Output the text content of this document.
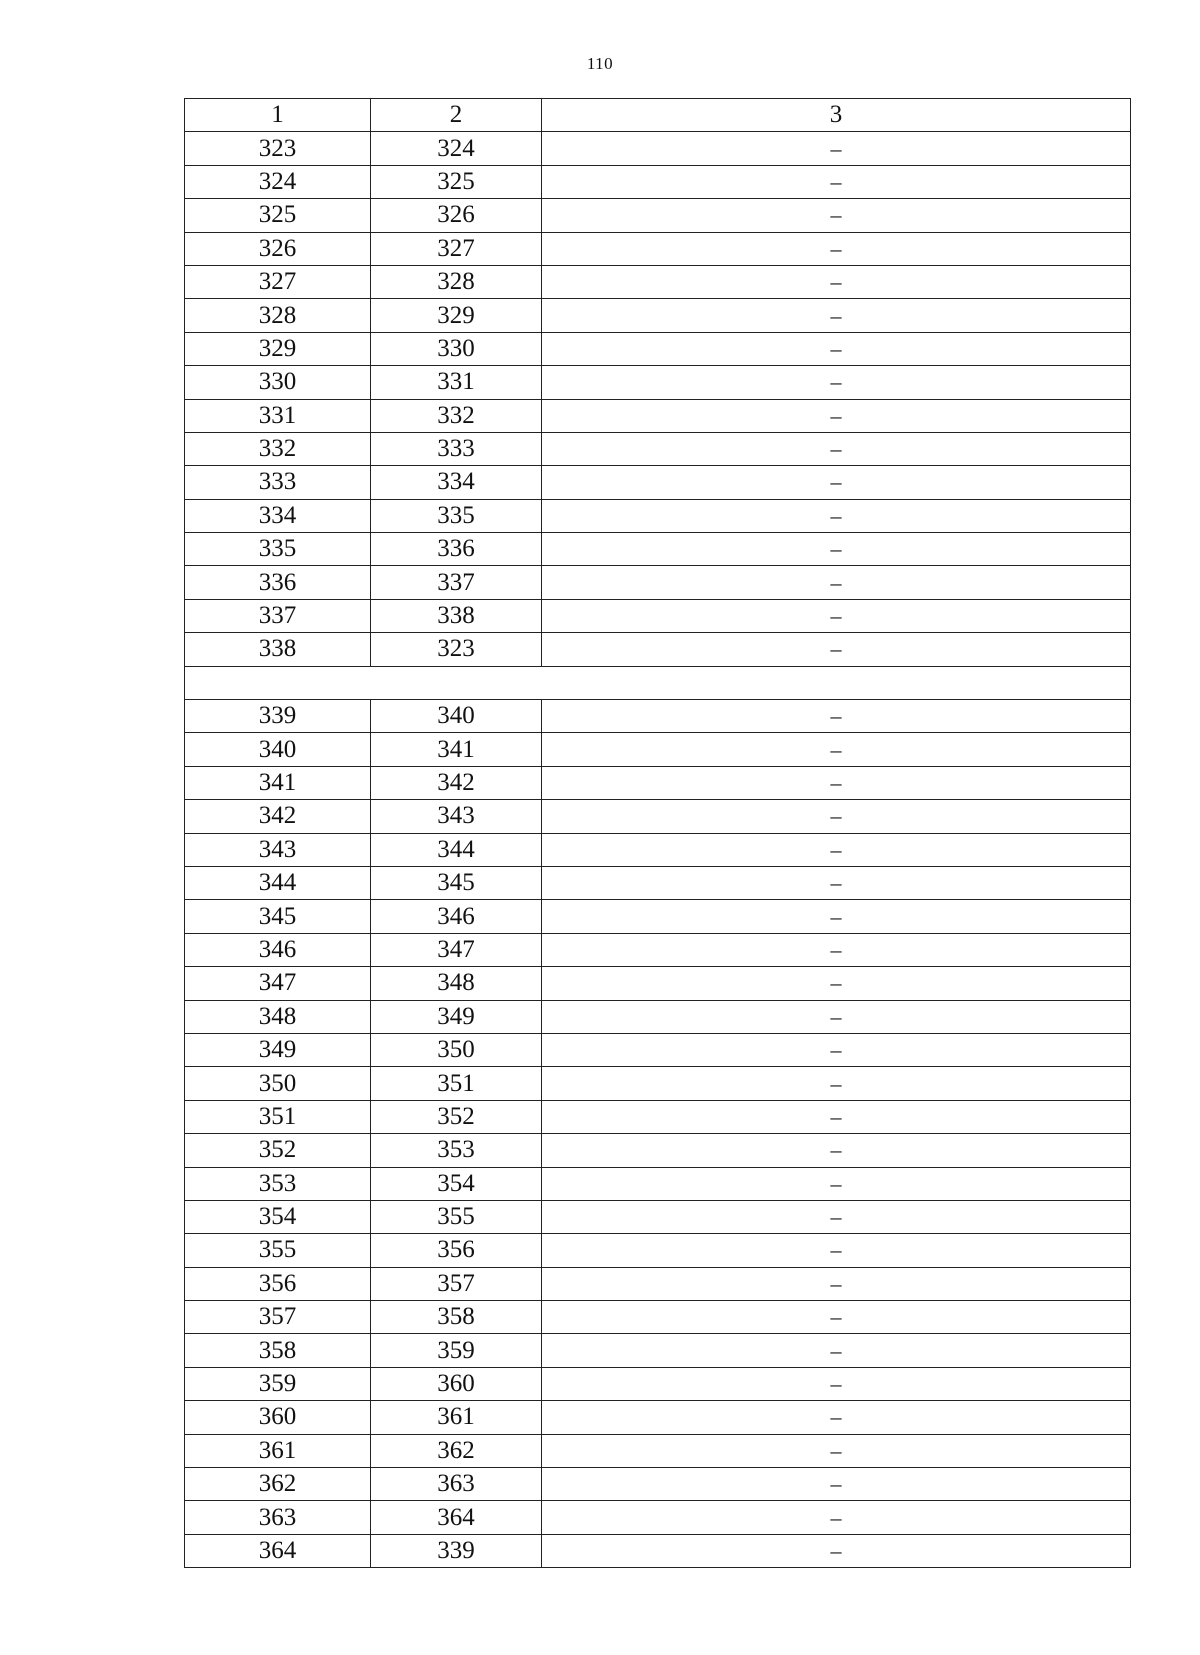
110
1	2	3
323	324	–
324	325	–
325	326	–
326	327	–
327	328	–
328	329	–
329	330	–
330	331	–
331	332	–
332	333	–
333	334	–
334	335	–
335	336	–
336	337	–
337	338	–
338	323	–

339	340	–
340	341	–
341	342	–
342	343	–
343	344	–
344	345	–
345	346	–
346	347	–
347	348	–
348	349	–
349	350	–
350	351	–
351	352	–
352	353	–
353	354	–
354	355	–
355	356	–
356	357	–
357	358	–
358	359	–
359	360	–
360	361	–
361	362	–
362	363	–
363	364	–
364	339	–
